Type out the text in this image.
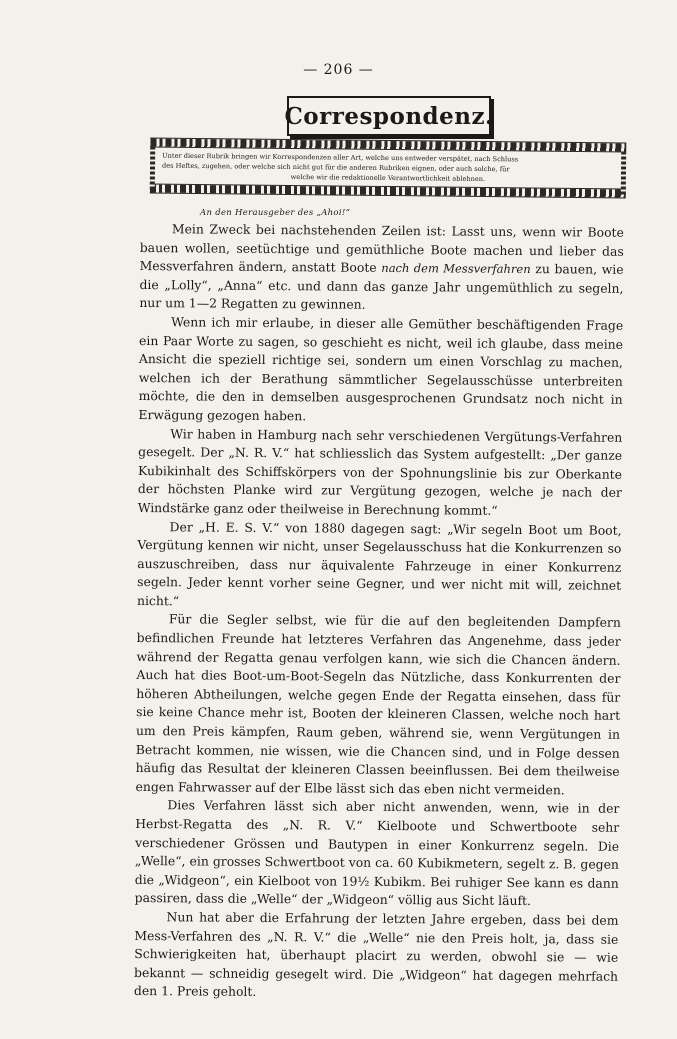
— 206 —
Correspondenz.
Unter dieser Rubrik bringen wir Korrespondenzen aller Art, welche uns entweder verspätet, nach Schluss
des Heftes, zugehen, oder welche sich nicht gut für die anderen Rubriken eignen, oder auch solche, für
welche wir die redaktionelle Verantwortlichkeit ablehnen.
An den Herausgeber des „Ahoi!“

Mein Zweck bei nachstehenden Zeilen ist: Lasst uns, wenn wir Boote bauen wollen, seetüchtige und gemüthliche Boote machen und lieber das Messverfahren ändern, anstatt Boote nach dem Messverfahren zu bauen, wie die „Lolly“, „Anna“ etc. und dann das ganze Jahr ungemüthlich zu segeln, nur um 1—2 Regatten zu gewinnen.

Wenn ich mir erlaube, in dieser alle Gemüther beschäftigenden Frage ein Paar Worte zu sagen, so geschieht es nicht, weil ich glaube, dass meine Ansicht die speziell richtige sei, sondern um einen Vorschlag zu machen, welchen ich der Berathung sämmtlicher Segelausschüsse unterbreiten möchte, die den in demselben ausgesprochenen Grundsatz noch nicht in Erwägung gezogen haben.

Wir haben in Hamburg nach sehr verschiedenen Vergütungs-Verfahren gesegelt. Der „N. R. V.“ hat schliesslich das System aufgestellt: „Der ganze Kubikinhalt des Schiffskörpers von der Spohnungslinie bis zur Oberkante der höchsten Planke wird zur Vergütung gezogen, welche je nach der Windstärke ganz oder theilweise in Berechnung kommt.“

Der „H. E. S. V.“ von 1880 dagegen sagt: „Wir segeln Boot um Boot, Vergütung kennen wir nicht, unser Segelausschuss hat die Konkurrenzen so auszuschreiben, dass nur äquivalente Fahrzeuge in einer Konkurrenz segeln. Jeder kennt vorher seine Gegner, und wer nicht mit will, zeichnet nicht.“

Für die Segler selbst, wie für die auf den begleitenden Dampfern befindlichen Freunde hat letzteres Verfahren das Angenehme, dass jeder während der Regatta genau verfolgen kann, wie sich die Chancen ändern. Auch hat dies Boot-um-Boot-Segeln das Nützliche, dass Konkurrenten der höheren Abtheilungen, welche gegen Ende der Regatta einsehen, dass für sie keine Chance mehr ist, Booten der kleineren Classen, welche noch hart um den Preis kämpfen, Raum geben, während sie, wenn Vergütungen in Betracht kommen, nie wissen, wie die Chancen sind, und in Folge dessen häufig das Resultat der kleineren Classen beeinflussen. Bei dem theilweise engen Fahrwasser auf der Elbe lässt sich das eben nicht vermeiden.

Dies Verfahren lässt sich aber nicht anwenden, wenn, wie in der Herbst-Regatta des „N. R. V.“ Kielboote und Schwertboote sehr verschiedener Grössen und Bautypen in einer Konkurrenz segeln. Die „Welle“, ein grosses Schwertboot von ca. 60 Kubikmetern, segelt z. B. gegen die „Widgeon“, ein Kielboot von 19½ Kubikm. Bei ruhiger See kann es dann passiren, dass die „Welle“ der „Widgeon“ völlig aus Sicht läuft.

Nun hat aber die Erfahrung der letzten Jahre ergeben, dass bei dem Mess-Verfahren des „N. R. V.“ die „Welle“ nie den Preis holt, ja, dass sie Schwierigkeiten hat, überhaupt placirt zu werden, obwohl sie — wie bekannt — schneidig gesegelt wird. Die „Widgeon“ hat dagegen mehrfach den 1. Preis geholt.
